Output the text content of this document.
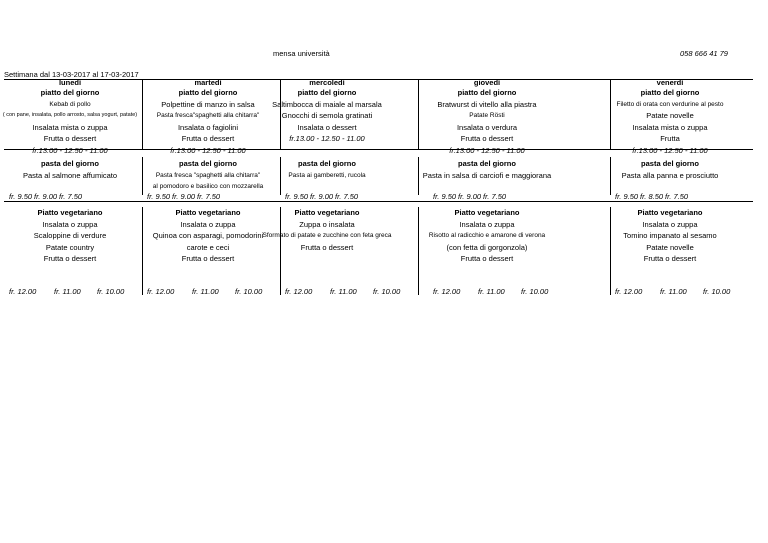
mensa università	058 666 41 79
Settimana dal 13-03-2017 al 17-03-2017
lunedì
piatto del giorno
Kebab di pollo
( con pane, insalata, pollo arrosto, salsa yogurt, patate)
Insalata mista o zuppa
Frutta o dessert
fr.13.00 - 12.50 - 11.00
pasta del giorno
Pasta al salmone affumicato
Piatto vegetariano
Insalata o zuppa
Scaloppine di verdure
Patate country
Frutta o dessert
fr. 9.50 fr. 9.00 fr. 7.50
fr. 12.00 fr. 11.00 fr. 10.00
martedì
piatto del giorno
Polpettine di manzo in salsa
Pasta fresca"spaghetti alla chitarra"
Insalata o fagiolini
Frutta o dessert
fr.13.00 - 12.50 - 11.00
pasta del giorno
Pasta fresca "spaghetti alla chitarra"
al pomodoro e basilico con mozzarella
Piatto vegetariano
Insalata o zuppa
Quinoa con asparagi, pomodorini
carote e ceci
Frutta o dessert
fr. 9.50 fr. 9.00 fr. 7.50
fr. 12.00 fr. 11.00 fr. 10.00
mercoledì
piatto del giorno
Saltimbocca di maiale al marsala
Gnocchi di semola gratinati
Insalata o dessert
fr.13.00 - 12.50 - 11.00
pasta del giorno
Pasta ai gamberetti, rucola
Piatto vegetariano
Zuppa o insalata
Sformato di patate e zucchine con feta greca
Frutta o dessert
fr. 9.50 fr. 9.00 fr. 7.50
fr. 12.00 fr. 11.00 fr. 10.00
giovedì
piatto del giorno
Bratwurst di vitello alla piastra
Patate Rösti
Insalata o verdura
Frutta o dessert
fr.13.00 - 12.50 - 11.00
pasta del giorno
Pasta in salsa di carciofi e maggiorana
Piatto vegetariano
Insalata o zuppa
Risotto al radicchio e amarone di verona
(con fetta di gorgonzola)
Frutta o dessert
fr. 9.50 fr. 9.00 fr. 7.50
fr. 12.00 fr. 11.00 fr. 10.00
venerdì
piatto del giorno
Filetto di orata con verdurine al pesto
Patate novelle
Insalata mista o zuppa
Frutta
fr.13.00 - 12.50 - 11.00
pasta del giorno
Pasta alla panna e prosciutto
Piatto vegetariano
Insalata o zuppa
Tomino impanato al sesamo
Patate novelle
Frutta o dessert
fr. 9.50 fr. 8.50 fr. 7.50
fr. 12.00 fr. 11.00 fr. 10.00
